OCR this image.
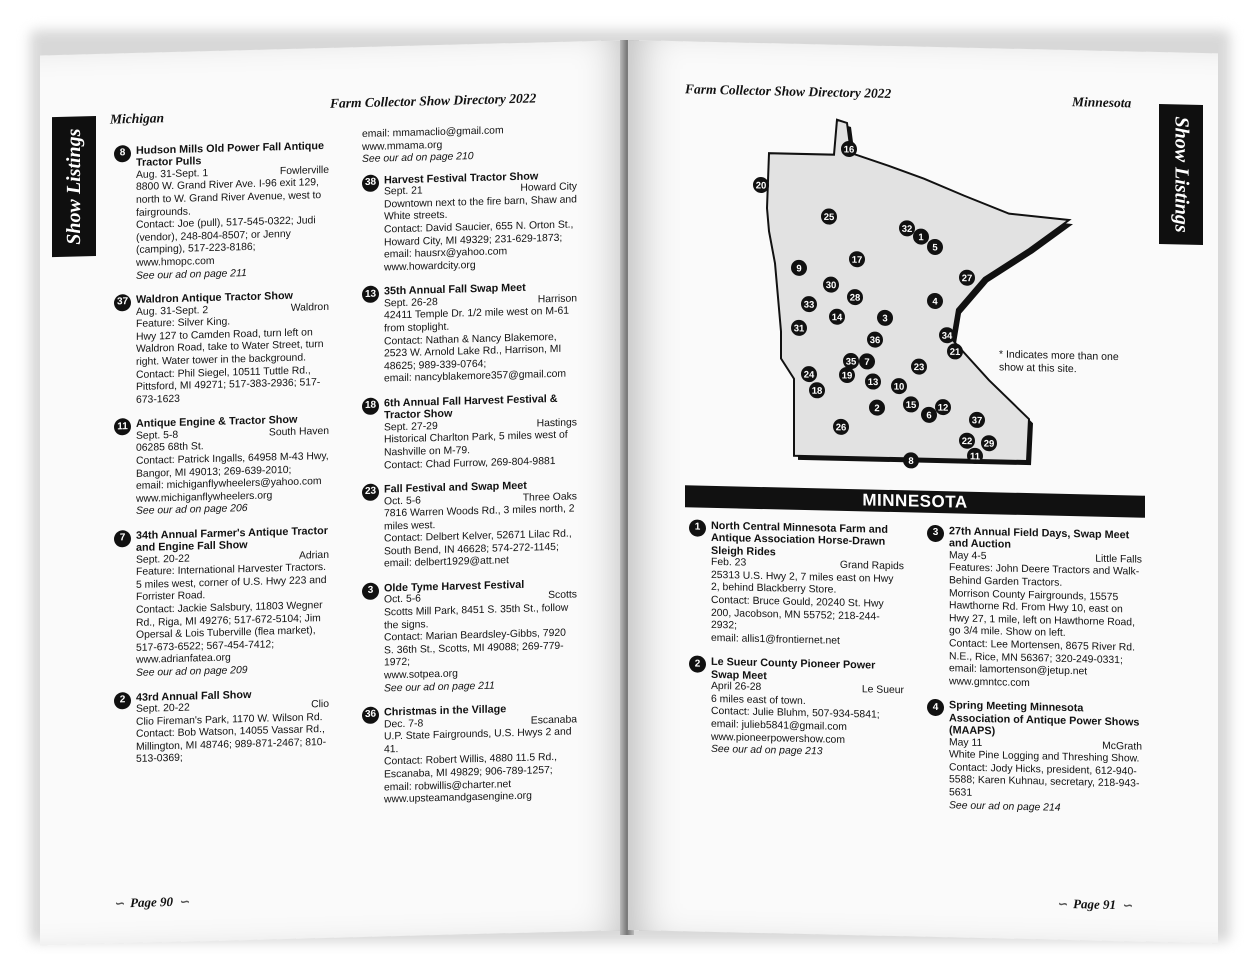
Show Listings
Michigan
Farm Collector Show Directory 2022
8 Hudson Mills Old Power Fall Antique Tractor Pulls
Aug. 31-Sept. 1	Fowlerville
8800 W. Grand River Ave. I-96 exit 129, north to W. Grand River Avenue, west to fairgrounds.
Contact: Joe (pull), 517-545-0322; Judi (vendor), 248-804-8507; or Jenny (camping), 517-223-8186;
www.hmopc.com
See our ad on page 211
37 Waldron Antique Tractor Show
Aug. 31-Sept. 2	Waldron
Feature: Silver King.
Hwy 127 to Camden Road, turn left on Waldron Road, take to Water Street, turn right. Water tower in the background.
Contact: Phil Siegel, 10511 Tuttle Rd., Pittsford, MI 49271; 517-383-2936; 517-673-1623
11 Antique Engine & Tractor Show
Sept. 5-8	South Haven
06285 68th St.
Contact: Patrick Ingalls, 64958 M-43 Hwy, Bangor, MI 49013; 269-639-2010;
email: michiganflywheelers@yahoo.com
www.michiganflywheelers.org
See our ad on page 206
7 34th Annual Farmer's Antique Tractor and Engine Fall Show
Sept. 20-22	Adrian
Feature: International Harvester Tractors.
5 miles west, corner of U.S. Hwy 223 and Forrister Road.
Contact: Jackie Salsbury, 11803 Wegner Rd., Riga, MI 49276; 517-672-5104; Jim Opersal & Lois Tuberville (flea market), 517-673-6522; 567-454-7412;
www.adrianfatea.org
See our ad on page 209
2 43rd Annual Fall Show
Sept. 20-22	Clio
Clio Fireman's Park, 1170 W. Wilson Rd.
Contact: Bob Watson, 14055 Vassar Rd., Millington, MI 48746; 989-871-2467; 810-513-0369;
email: mmamaclio@gmail.com
www.mmama.org
See our ad on page 210
38 Harvest Festival Tractor Show
Sept. 21	Howard City
Downtown next to the fire barn, Shaw and White streets.
Contact: David Saucier, 655 N. Orton St., Howard City, MI 49329; 231-629-1873;
email: hausrx@yahoo.com
www.howardcity.org
13 35th Annual Fall Swap Meet
Sept. 26-28	Harrison
42411 Temple Dr. 1/2 mile west on M-61 from stoplight.
Contact: Nathan & Nancy Blakemore, 2523 W. Arnold Lake Rd., Harrison, MI 48625; 989-339-0764;
email: nancyblakemore357@gmail.com
18 6th Annual Fall Harvest Festival & Tractor Show
Sept. 27-29	Hastings
Historical Charlton Park, 5 miles west of Nashville on M-79.
Contact: Chad Furrow, 269-804-9881
23 Fall Festival and Swap Meet
Oct. 5-6	Three Oaks
7816 Warren Woods Rd., 3 miles north, 2 miles west.
Contact: Delbert Kelver, 52671 Lilac Rd., South Bend, IN 46628; 574-272-1145;
email: delbert1929@att.net
3 Olde Tyme Harvest Festival
Oct. 5-6	Scotts
Scotts Mill Park, 8451 S. 35th St., follow the signs.
Contact: Marian Beardsley-Gibbs, 7920 S. 36th St., Scotts, MI 49088; 269-779-1972;
www.sotpea.org
See our ad on page 211
36 Christmas in the Village
Dec. 7-8	Escanaba
U.P. State Fairgrounds, U.S. Hwys 2 and 41.
Contact: Robert Willis, 4880 11.5 Rd., Escanaba, MI 49829; 906-789-1257;
email: robwillis@charter.net
www.upsteamandgasengine.org
∽ Page 90 ∽
Show Listings
Farm Collector Show Directory 2022
Minnesota
16
20
25
32
1
5
17
9
30
28
27
33
14	3
4
31
36	34
21
35 7	23
19
13
24
18	10
2	15 12
6	37
26
22 29
11
8
* Indicates more than one show at this site.
MINNESOTA
1 North Central Minnesota Farm and Antique Association Horse-Drawn Sleigh Rides
Feb. 23	Grand Rapids
25313 U.S. Hwy 2, 7 miles east on Hwy 2, behind Blackberry Store.
Contact: Bruce Gould, 20240 St. Hwy 200, Jacobson, MN 55752; 218-244-2932;
email: allis1@frontiernet.net
2 Le Sueur County Pioneer Power Swap Meet
April 26-28	Le Sueur
6 miles east of town.
Contact: Julie Bluhm, 507-934-5841;
email: julieb5841@gmail.com
www.pioneerpowershow.com
See our ad on page 213
3 27th Annual Field Days, Swap Meet and Auction
May 4-5	Little Falls
Features: John Deere Tractors and Walk-Behind Garden Tractors.
Morrison County Fairgrounds, 15575 Hawthorne Rd. From Hwy 10, east on Hwy 27, 1 mile, left on Hawthorne Road, go 3/4 mile. Show on left.
Contact: Lee Mortensen, 8675 River Rd. N.E., Rice, MN 56367; 320-249-0331;
email: lamortenson@jetup.net
www.gmntcc.com
4 Spring Meeting Minnesota Association of Antique Power Shows (MAAPS)
May 11	McGrath
White Pine Logging and Threshing Show.
Contact: Jody Hicks, president, 612-940-5588; Karen Kuhnau, secretary, 218-943-5631
See our ad on page 214
∽ Page 91 ∽
